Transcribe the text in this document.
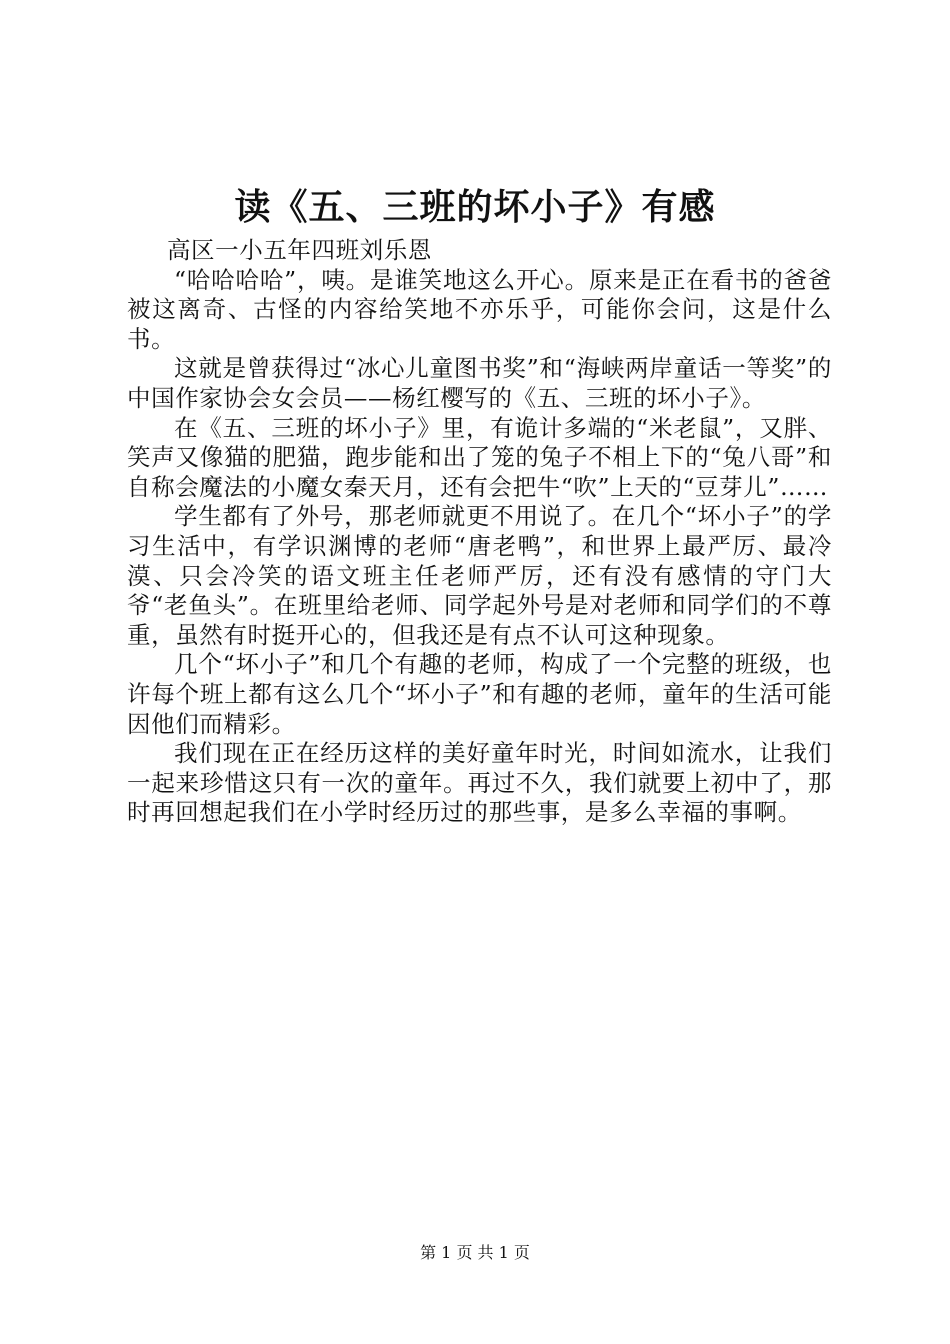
读《五、三班的坏小子》有感

高区一小五年四班刘乐恩

“哈哈哈哈”，咦。是谁笑地这么开心。原来是正在看书的爸爸被这离奇、古怪的内容给笑地不亦乐乎，可能你会问，这是什么书。

这就是曾获得过“冰心儿童图书奖”和“海峡两岸童话一等奖”的中国作家协会女会员——杨红樱写的《五、三班的坏小子》。

在《五、三班的坏小子》里，有诡计多端的“米老鼠”，又胖、笑声又像猫的肥猫，跑步能和出了笼的兔子不相上下的“兔八哥”和自称会魔法的小魔女秦天月，还有会把牛“吹”上天的“豆芽儿”……

学生都有了外号，那老师就更不用说了。在几个“坏小子”的学习生活中，有学识渊博的老师“唐老鸭”，和世界上最严厉、最冷漠、只会冷笑的语文班主任老师严厉，还有没有感情的守门大爷“老鱼头”。在班里给老师、同学起外号是对老师和同学们的不尊重，虽然有时挺开心的，但我还是有点不认可这种现象。

几个“坏小子”和几个有趣的老师，构成了一个完整的班级，也许每个班上都有这么几个“坏小子”和有趣的老师，童年的生活可能因他们而精彩。

我们现在正在经历这样的美好童年时光，时间如流水，让我们一起来珍惜这只有一次的童年。再过不久，我们就要上初中了，那时再回想起我们在小学时经历过的那些事，是多么幸福的事啊。

第 1 页 共 1 页
